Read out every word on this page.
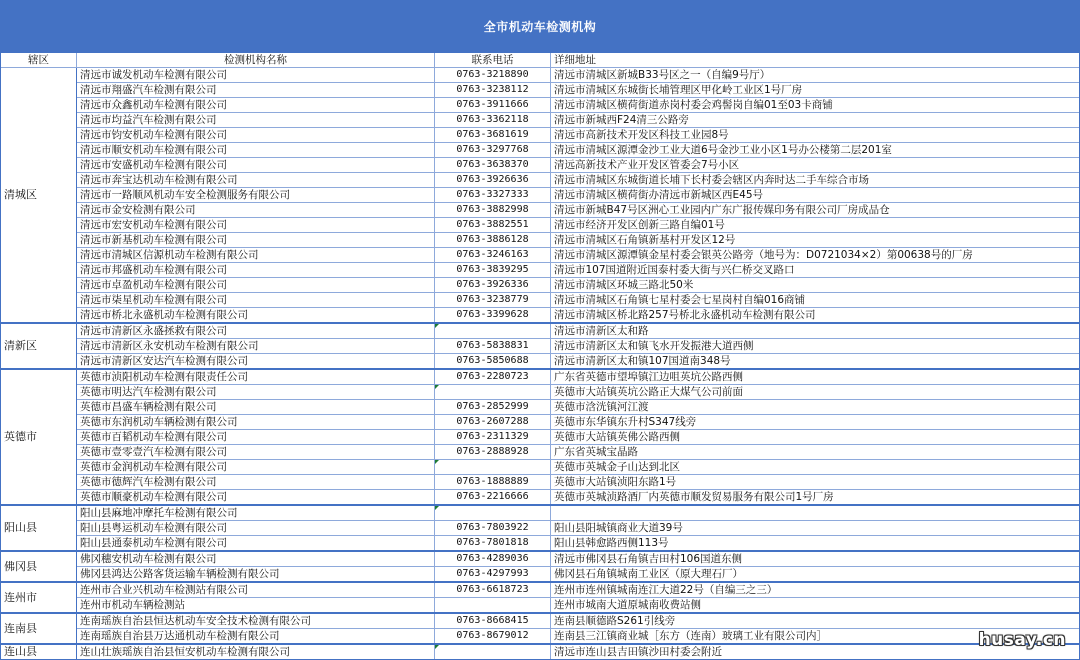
全市机动车检测机构
辖区	检测机构名称	联系电话	详细地址
清城区	清远市诚发机动车检测有限公司	0763-3218890	清远市清城区新城B33号区之一（自编9号厅）
	清远市翔盛汽车检测有限公司	0763-3238112	清远市清城区东城街长埔管理区甲化岭工业区1号厂房
	清远市众鑫机动车检测有限公司	0763-3911666	清远市清城区横荷街道赤岗村委会鸡髻岗自编01至03卡商铺
	清远市均益汽车检测有限公司	0763-3362118	清远市新城西F24清三公路旁
	清远市钧安机动车检测有限公司	0763-3681619	清远市高新技术开发区科技工业园8号
	清远市顺安机动车检测有限公司	0763-3297768	清远市清城区源潭金沙工业大道6号金沙工业小区1号办公楼第二层201室
	清远市安盛机动车检测有限公司	0763-3638370	清远高新技术产业开发区管委会7号小区
	清远市奔宝达机动车检测有限公司	0763-3926636	清远市清城区东城街道长埔下长村委会辖区内奔时达二手车综合市场
	清远市一路顺风机动车安全检测服务有限公司	0763-3327333	清远市清城区横荷街办清远市新城区西E45号
	清远市金安检测有限公司	0763-3882998	清远市新城B47号区洲心工业园内广东广报传媒印务有限公司厂房成品仓
	清远市宏安机动车检测有限公司	0763-3882551	清远市经济开发区创新三路自编01号
	清远市新基机动车检测有限公司	0763-3886128	清远市清城区石角镇新基村开发区12号
	清远市清城区信源机动车检测有限公司	0763-3246163	清远市清城区源潭镇金星村委会银英公路旁（地号为：D0721034×2）第00638号的厂房
	清远市邦盛机动车检测有限公司	0763-3839295	清远市107国道附近国泰村委大街与兴仁桥交叉路口
	清远市卓盈机动车检测有限公司	0763-3926336	清远市清城区环城三路北50米
	清远市柒星机动车检测有限公司	0763-3238779	清远市清城区石角镇七星村委会七星岗村自编016商铺
	清远市桥北永盛机动车检测有限公司	0763-3399628	清远市清城区桥北路257号桥北永盛机动车检测有限公司
清新区	清远市清新区永盛拯救有限公司		清远市清新区太和路
	清远市清新区永安机动车检测有限公司	0763-5838831	清远市清新区太和镇飞水开发振港大道西侧
	清远市清新区安达汽车检测有限公司	0763-5850688	清远市清新区太和镇107国道南348号
英德市	英德市浈阳机动车检测有限责任公司	0763-2280723	广东省英德市望埠镇江边咀英坑公路西侧
	英德市明达汽车检测有限公司		英德市大站镇英坑公路正大煤气公司前面
	英德市昌盛车辆检测有限公司	0763-2852999	英德市浛洸镇河江渡
	英德市东润机动车辆检测有限公司	0763-2607288	英德市东华镇东升村S347线旁
	英德市百韬机动车检测有限公司	0763-2311329	英德市大站镇英佛公路西侧
	英德市壹零壹汽车检测有限公司	0763-2888928	广东省英城宝晶路
	英德市金润机动车检测有限公司		英德市英城金子山达到北区
	英德市德辉汽车检测有限公司	0763-1888889	英德市大站镇浈阳东路1号
	英德市顺豪机动车检测有限公司	0763-2216666	英德市英城浈路酒厂内英德市顺发贸易服务有限公司1号厂房
阳山县	阳山县麻地冲摩托车检测有限公司	

	阳山县粤运机动车检测有限公司	0763-7803922	阳山县阳城镇商业大道39号
	阳山县通泰机动车检测有限公司	0763-7801818	阳山县韩愈路西侧113号
佛冈县	佛冈穗安机动车检测有限公司	0763-4289036	清远市佛冈县石角镇吉田村106国道东侧
	佛冈县鸿达公路客货运输车辆检测有限公司	0763-4297993	佛冈县石角镇城南工业区（原大理石厂）
连州市	连州市合业兴机动车检测站有限公司	0763-6618723	连州市连州镇城南连江大道22号（自编三之三）
	连州市机动车辆检测站		连州市城南大道原城南收费站侧
连南县	连南瑶族自治县恒达机动车安全技术检测有限公司	0763-8668415	连南县顺德路S261引线旁
	连南瑶族自治县万达通机动车检测有限公司	0763-8679012	连南县三江镇商业城［东方（连南）玻璃工业有限公司内］
连山县	连山壮族瑶族自治县恒安机动车检测有限公司		清远市连山县吉田镇沙田村委会附近
husay.cn
